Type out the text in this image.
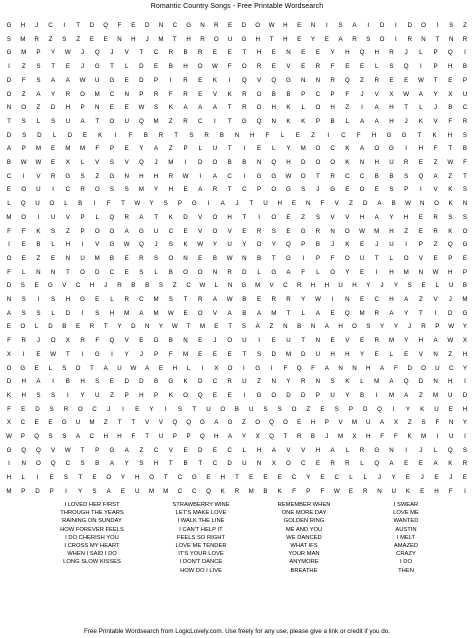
Romantic Country Songs - Free Printable Wordsearch
G	H	J	C	I	T	D	Q	F	E	D	N	C	G	N	R	E	D	O	W	H	E	N	I	S	A	I	D	I	D	O	I	S	Z
S	M	R	Z	S	Z	E	E	N	H	J	M	T	H	R	O	U	G	H	T	H	E	Y	E	A	R	S	O	I	R	N	T	N	R
G	M	P	Y	W	J	Q	J	V	T	C	R	B	R	E	E	T	H	E	N	E	E	Y	H	Q	H	R	J	L	P	Q	I
I	Z	S	T	E	J	G	T	L	D	E	B	H	O	W	F	O	R	E	V	E	R	F	E	E	L	S	Q	I	P	H	B
D	F	S	A	A	W	U	G	E	D	P	I	R	E	K	I	Q	V	Q	G	N	N	R	Q	Z	R	E	E	W	T	E	P
O	Z	A	Y	R	O	M	C	N	P	R	F	R	E	V	K	R	O	B	B	P	C	P	F	J	V	X	W	A	Y	X	U
N	O	Z	D	H	P	N	E	E	W	S	K	A	A	A	T	R	O	H	K	L	O	H	Z	I	A	H	T	L	J	B	C
T	S	L	S	U	A	T	O	U	Q	M	Z	R	C	I	T	G	Q	N	K	K	P	B	L	A	A	H	J	K	V	F	R
D	S	D	L	D	E	K	I	F	B	R	T	S	R	B	N	H	F	L	E	Z	I	C	F	H	G	G	T	K	H	S
A	P	M	E	M	M	F	P	E	Y	A	Z	P	L	U	T	I	E	L	Y	M	O	C	K	A	O	G	I	H	F	T	B
B	W	W	E	X	L	V	S	V	Q	J	M	I	D	O	B	B	N	Q	H	D	O	O	K	N	H	U	R	E	Z	W	F
C	I	V	R	G	S	Z	G	N	H	H	R	W	I	A	C	I	G	G	W	O	T	R	C	C	B	B	S	Q	A	Z	T
E	O	U	I	C	R	O	S	S	M	Y	H	E	A	R	T	C	P	O	G	S	J	G	E	O	E	S	P	I	V	K	S
L	Q	U	O	L	B	I	F	T	W	Y	S	P	G	I	A	J	T	U	H	E	N	F	V	Z	D	A	B	W	N	O	K	N
M	O	I	U	V	P	L	Q	R	A	T	K	D	V	O	H	T	I	O	E	Z	S	V	V	H	A	Y	H	E	R	S	S
F	F	K	S	Z	P	O	O	A	G	U	C	E	V	O	V	E	R	S	E	G	R	N	O	W	M	H	Z	E	R	K	O
I	E	B	L	H	I	V	G	W	Q	J	S	K	W	Y	U	Y	O	Y	Q	P	B	J	K	E	J	U	I	P	Z	Q	G
O	E	Z	E	N	U	M	B	E	R	S	O	N	E	B	W	N	B	T	G	I	P	F	O	U	T	L	O	V	E	P	E
F	L	N	N	T	O	D	C	E	S	L	B	O	O	N	R	D	L	G	A	F	L	O	Y	E	I	H	M	N	W	H	P
D	S	E	G	V	C	H	J	R	B	B	S	Z	C	W	L	N	G	M	V	C	R	H	H	U	H	Y	J	Y	S	E	L	U	B
N	S	I	S	H	G	E	L	R	C	M	S	T	R	A	W	B	E	R	R	Y	W	I	N	E	C	H	A	Z	V	J	M
A	S	S	L	D	I	S	H	M	A	M	W	E	O	V	A	B	A	M	T	L	A	E	Q	M	R	A	Y	T	I	D	G
E	O	L	D	B	E	R	T	Y	D	N	Y	W	T	M	E	T	S	A	Z	N	B	N	A	H	O	S	Y	Y	J	R	P	W	Y
F	R	J	O	X	R	F	Q	V	E	D	B	N	E	J	O	U	I	E	U	T	N	E	V	E	R	M	Y	H	A	W	X
X	I	E	W	T	I	G	I	Y	J	P	F	M	E	E	E	T	S	D	M	D	U	H	H	Y	E	L	E	V	N	Z	H
O	G	E	L	S	O	T	A	U	W	A	E	H	L	I	X	O	I	G	I	F	Q	F	A	N	N	H	A	F	D	O	U	C	Y
D	H	A	I	B	H	S	E	D	D	B	G	K	D	C	R	U	Z	N	Y	R	N	S	K	L	M	A	Q	D	N	H	I
K	H	S	S	I	Y	U	Z	P	H	P	K	O	Q	E	E	I	G	O	D	D	P	U	Y	B	I	M	A	Z	M	U	D
F	E	D	S	R	O	C	J	I	E	Y	I	S	T	U	O	B	U	S	S	O	Z	E	S	P	D	Q	I	Y	K	U	E	H
X	C	E	E	G	U	M	Z	T	T	V	V	Q	Q	G	A	G	Z	O	Q	O	E	H	P	V	M	U	A	X	Z	S	F	N	Y
W	P	Q	S	S	A	C	H	H	F	T	U	P	P	Q	H	A	Y	X	Q	T	R	B	J	M	X	H	F	F	K	M	I	U	I
G	Q	Q	V	W	T	P	G	A	Z	C	V	E	D	E	C	L	H	A	V	V	H	A	L	R	G	N	I	J	L	Q	S
I	N	O	Q	C	S	B	A	Y	S	H	T	B	T	C	D	U	N	X	O	C	E	R	R	L	Q	A	E	E	A	K	R
H	L	I	E	S	T	E	O	Y	H	O	T	C	G	E	H	T	E	E	E	C	Y	E	C	L	L	J	Y	E	J	E	J	E
M	P	D	P	I	Y	S	A	E	U	M	M	C	C	Q	K	R	M	B	K	F	P	F	W	E	R	N	U	K	E	H	F	I
I LOVED HER FIRST
THROUGH THE YEARS
RAINING ON SUNDAY
HOW FOREVER FEELS
I DO CHERISH YOU
I CROSS MY HEART
WHEN I SAID I DO
LONG SLOW KISSES
STRAWBERRY WINE
LET'S MAKE LOVE
I WALK THE LINE
I CAN'T HELP IT
FEELS SO RIGHT
LOVE ME TENDER
IT'S YOUR LOVE
I DON'T DANCE
HOW DO I LIVE
REMEMBER WHEN
ONE MORE DAY
GOLDEN RING
ME AND YOU
WE DANCED
WHAT IFS
YOUR MAN
ANYMORE
BREATHE
I SWEAR
LOVE ME
WANTED
AUSTIN
I MELT
AMAZED
CRAZY
I DO
THEN
Free Printable Wordsearch from LogicLovely.com. Use freely for any use, please give a link or credit if you do.
